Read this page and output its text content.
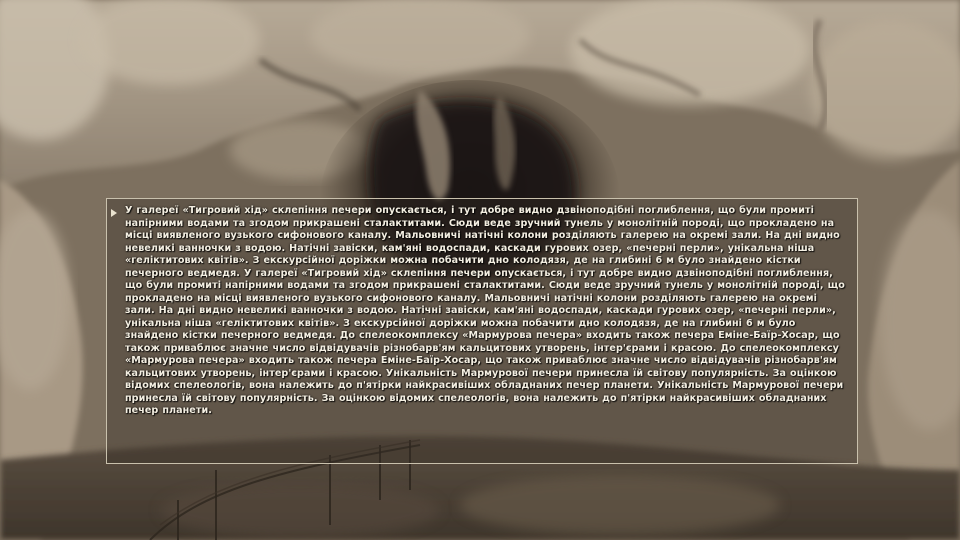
У галереї «Тигровий хід» склепіння печери опускається, і тут добре видно дзвіноподібні поглиблення, що були промиті напірними водами та згодом прикрашені сталактитами. Сюди веде зручний тунель у монолітній породі, що прокладено на місці виявленого вузького сифонового каналу. Мальовничі натічні колони розділяють галерею на окремі зали. На дні видно невеликі ванночки з водою. Натічні завіски, кам'яні водоспади, каскади гурових озер, «печерні перли», унікальна ніша «геліктитових квітів». З екскурсійної доріжки можна побачити дно колодязя, де на глибині 6 м було знайдено кістки печерного ведмедя. У галереї «Тигровий хід» склепіння печери опускається, і тут добре видно дзвіноподібні поглиблення, що були промиті напірними водами та згодом прикрашені сталактитами. Сюди веде зручний тунель у монолітній породі, що прокладено на місці виявленого вузького сифонового каналу. Мальовничі натічні колони розділяють галерею на окремі зали. На дні видно невеликі ванночки з водою. Натічні завіски, кам'яні водоспади, каскади гурових озер, «печерні перли», унікальна ніша «геліктитових квітів». З екскурсійної доріжки можна побачити дно колодязя, де на глибині 6 м було знайдено кістки печерного ведмедя. До спелеокомплексу «Мармурова печера» входить також печера Еміне-Баїр-Хосар, що також приваблює значне число відвідувачів різнобарв'ям кальцитових утворень, інтер'єрами і красою. До спелеокомплексу «Мармурова печера» входить також печера Еміне-Баїр-Хосар, що також приваблює значне число відвідувачів різнобарв'ям кальцитових утворень, інтер'єрами і красою. Унікальність Мармурової печери принесла їй світову популярність. За оцінкою відомих спелеологів, вона належить до п'ятірки найкрасивіших обладнаних печер планети. Унікальність Мармурової печери принесла їй світову популярність. За оцінкою відомих спелеологів, вона належить до п'ятірки найкрасивіших обладнаних печер планети.
